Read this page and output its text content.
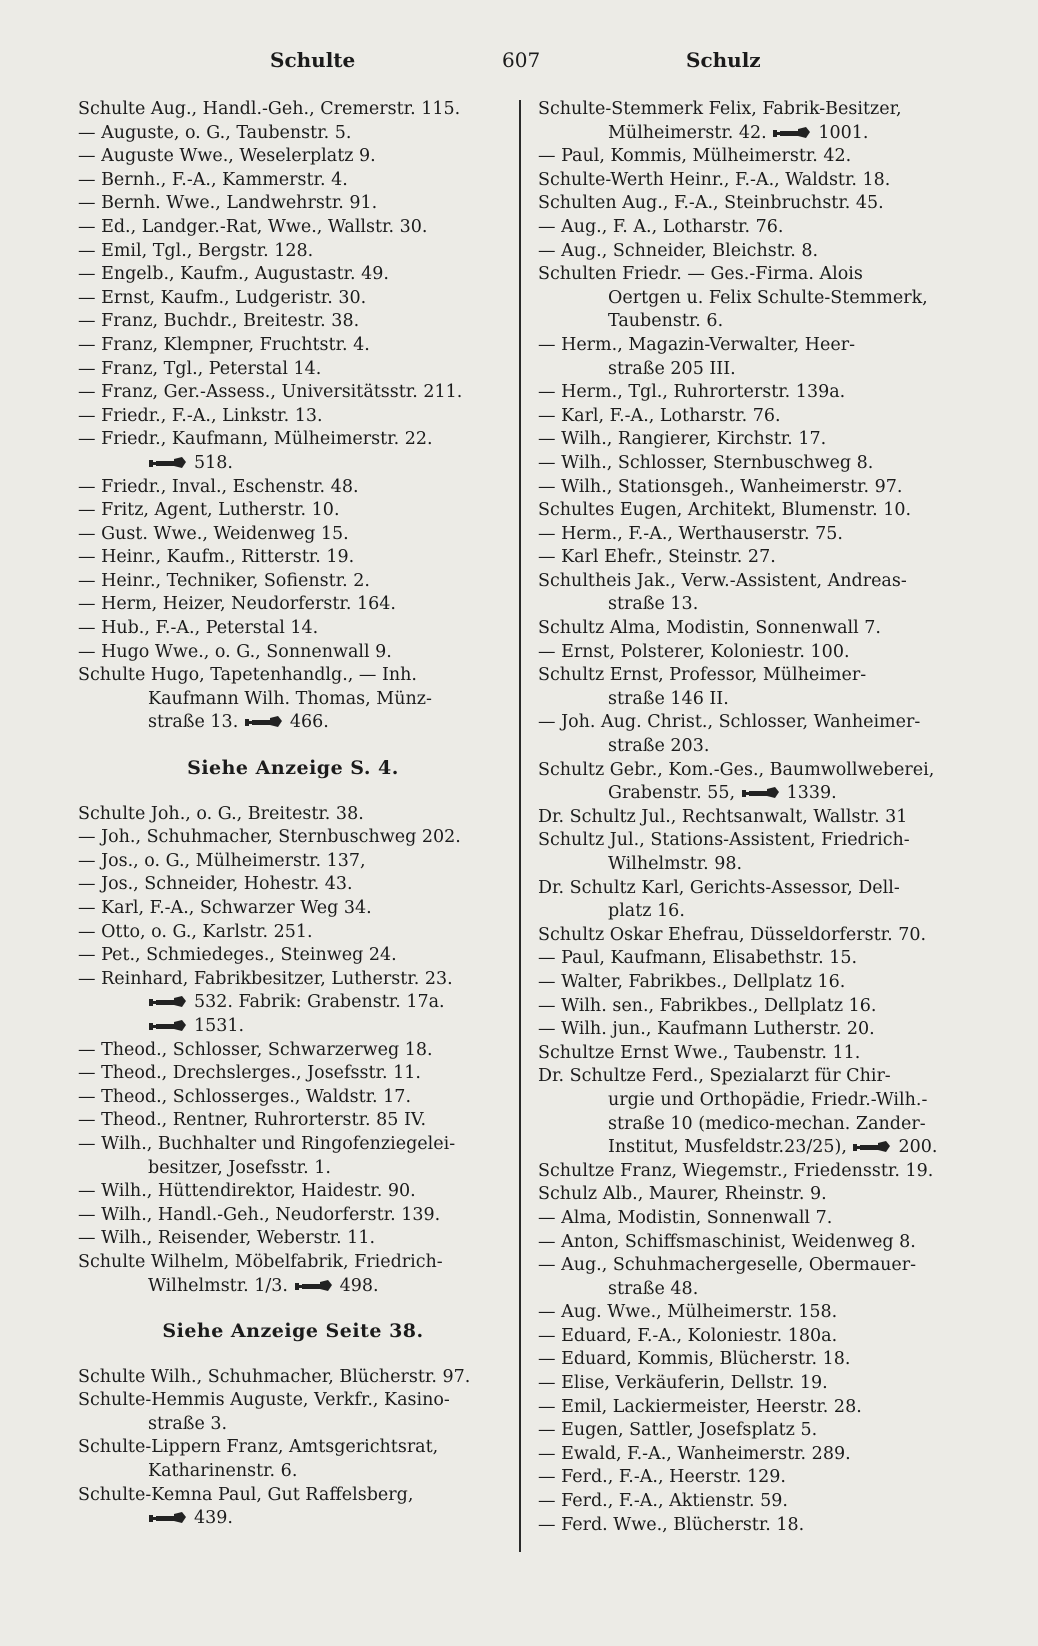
Schulte	607	Schulz
Schulte Aug., Handl.-Geh., Cremerstr. 115.
— Auguste, o. G., Taubenstr. 5.
— Auguste Wwe., Weselerplatz 9.
— Bernh., F.-A., Kammerstr. 4.
— Bernh. Wwe., Landwehrstr. 91.
— Ed., Landger.-Rat, Wwe., Wallstr. 30.
— Emil, Tgl., Bergstr. 128.
— Engelb., Kaufm., Augustastr. 49.
— Ernst, Kaufm., Ludgeristr. 30.
— Franz, Buchdr., Breitestr. 38.
— Franz, Klempner, Fruchtstr. 4.
— Franz, Tgl., Peterstal 14.
— Franz, Ger.-Assess., Universitätsstr. 211.
— Friedr., F.-A., Linkstr. 13.
— Friedr., Kaufmann, Mülheimerstr. 22.
518.
— Friedr., Inval., Eschenstr. 48.
— Fritz, Agent, Lutherstr. 10.
— Gust. Wwe., Weidenweg 15.
— Heinr., Kaufm., Ritterstr. 19.
— Heinr., Techniker, Sofienstr. 2.
— Herm, Heizer, Neudorferstr. 164.
— Hub., F.-A., Peterstal 14.
— Hugo Wwe., o. G., Sonnenwall 9.
Schulte Hugo, Tapetenhandlg., — Inh.
Kaufmann Wilh. Thomas, Münz-
straße 13.	466.
Siehe Anzeige S. 4.
Schulte Joh., o. G., Breitestr. 38.
— Joh., Schuhmacher, Sternbuschweg 202.
— Jos., o. G., Mülheimerstr. 137,
— Jos., Schneider, Hohestr. 43.
— Karl, F.-A., Schwarzer Weg 34.
— Otto, o. G., Karlstr. 251.
— Pet., Schmiedeges., Steinweg 24.
— Reinhard, Fabrikbesitzer, Lutherstr. 23.
532. Fabrik: Grabenstr. 17a.
1531.
— Theod., Schlosser, Schwarzerweg 18.
— Theod., Drechslerges., Josefsstr. 11.
— Theod., Schlosserges., Waldstr. 17.
— Theod., Rentner, Ruhrorterstr. 85 IV.
— Wilh., Buchhalter und Ringofenziegelei-
besitzer, Josefsstr. 1.
— Wilh., Hüttendirektor, Haidestr. 90.
— Wilh., Handl.-Geh., Neudorferstr. 139.
— Wilh., Reisender, Weberstr. 11.
Schulte Wilhelm, Möbelfabrik, Friedrich-
Wilhelmstr. 1/3.	498.
Siehe Anzeige Seite 38.
Schulte Wilh., Schuhmacher, Blücherstr. 97.
Schulte-Hemmis Auguste, Verkfr., Kasino-
straße 3.
Schulte-Lippern Franz, Amtsgerichtsrat,
Katharinenstr. 6.
Schulte-Kemna Paul, Gut Raffelsberg,
439.
Schulte-Stemmerk Felix, Fabrik-Besitzer,
Mülheimerstr. 42.	1001.
— Paul, Kommis, Mülheimerstr. 42.
Schulte-Werth Heinr., F.-A., Waldstr. 18.
Schulten Aug., F.-A., Steinbruchstr. 45.
— Aug., F. A., Lotharstr. 76.
— Aug., Schneider, Bleichstr. 8.
Schulten Friedr. — Ges.-Firma. Alois
Oertgen u. Felix Schulte-Stemmerk,
Taubenstr. 6.
— Herm., Magazin-Verwalter, Heer-
straße 205 III.
— Herm., Tgl., Ruhrorterstr. 139a.
— Karl, F.-A., Lotharstr. 76.
— Wilh., Rangierer, Kirchstr. 17.
— Wilh., Schlosser, Sternbuschweg 8.
— Wilh., Stationsgeh., Wanheimerstr. 97.
Schultes Eugen, Architekt, Blumenstr. 10.
— Herm., F.-A., Werthauserstr. 75.
— Karl Ehefr., Steinstr. 27.
Schultheis Jak., Verw.-Assistent, Andreas-
straße 13.
Schultz Alma, Modistin, Sonnenwall 7.
— Ernst, Polsterer, Koloniestr. 100.
Schultz Ernst, Professor, Mülheimer-
straße 146 II.
— Joh. Aug. Christ., Schlosser, Wanheimer-
straße 203.
Schultz Gebr., Kom.-Ges., Baumwollweberei,
Grabenstr. 55,	1339.
Dr. Schultz Jul., Rechtsanwalt, Wallstr. 31
Schultz Jul., Stations-Assistent, Friedrich-
Wilhelmstr. 98.
Dr. Schultz Karl, Gerichts-Assessor, Dell-
platz 16.
Schultz Oskar Ehefrau, Düsseldorferstr. 70.
— Paul, Kaufmann, Elisabethstr. 15.
— Walter, Fabrikbes., Dellplatz 16.
— Wilh. sen., Fabrikbes., Dellplatz 16.
— Wilh. jun., Kaufmann Lutherstr. 20.
Schultze Ernst Wwe., Taubenstr. 11.
Dr. Schultze Ferd., Spezialarzt für Chir-
urgie und Orthopädie, Friedr.-Wilh.-
straße 10 (medico-mechan. Zander-
Institut, Musfeldstr.23/25),	200.
Schultze Franz, Wiegemstr., Friedensstr. 19.
Schulz Alb., Maurer, Rheinstr. 9.
— Alma, Modistin, Sonnenwall 7.
— Anton, Schiffsmaschinist, Weidenweg 8.
— Aug., Schuhmachergeselle, Obermauer-
straße 48.
— Aug. Wwe., Mülheimerstr. 158.
— Eduard, F.-A., Koloniestr. 180a.
— Eduard, Kommis, Blücherstr. 18.
— Elise, Verkäuferin, Dellstr. 19.
— Emil, Lackiermeister, Heerstr. 28.
— Eugen, Sattler, Josefsplatz 5.
— Ewald, F.-A., Wanheimerstr. 289.
— Ferd., F.-A., Heerstr. 129.
— Ferd., F.-A., Aktienstr. 59.
— Ferd. Wwe., Blücherstr. 18.
